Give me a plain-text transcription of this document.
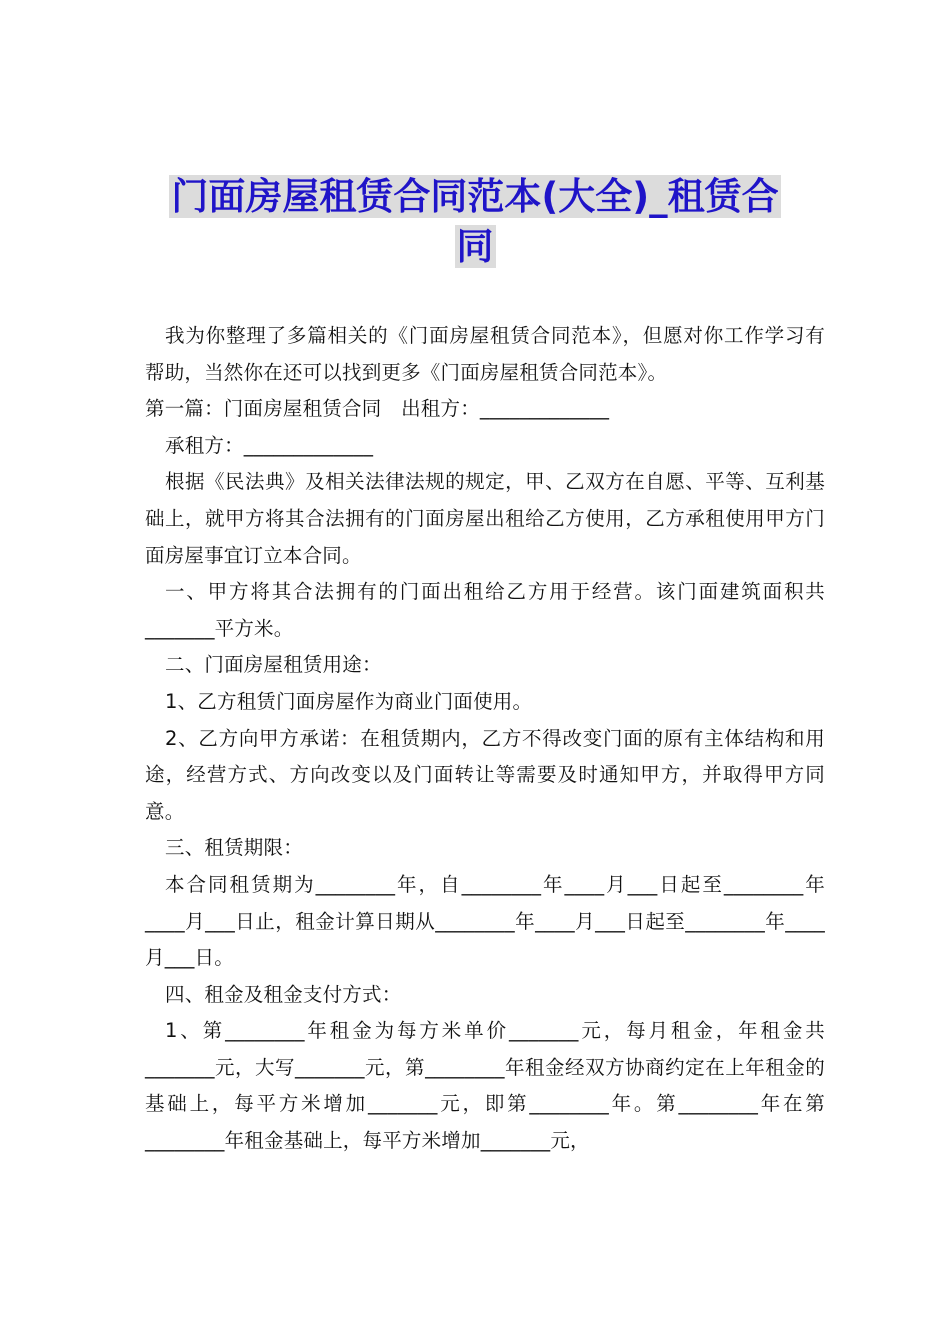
门面房屋租赁合同范本(大全)_租赁合
同

我为你整理了多篇相关的《门面房屋租赁合同范本》，但愿对你工作学习有帮助，当然你在还可以找到更多《门面房屋租赁合同范本》。

第一篇：门面房屋租赁合同　出租方：_____________

承租方：_____________

根据《民法典》及相关法律法规的规定，甲、乙双方在自愿、平等、互利基础上，就甲方将其合法拥有的门面房屋出租给乙方使用，乙方承租使用甲方门面房屋事宜订立本合同。

一、甲方将其合法拥有的门面出租给乙方用于经营。该门面建筑面积共_______平方米。

二、门面房屋租赁用途：

1、乙方租赁门面房屋作为商业门面使用。

2、乙方向甲方承诺：在租赁期内，乙方不得改变门面的原有主体结构和用途，经营方式、方向改变以及门面转让等需要及时通知甲方，并取得甲方同意。

三、租赁期限：

本合同租赁期为________年，自________年____月___日起至________年____月___日止，租金计算日期从________年____月___日起至________年____月___日。

四、租金及租金支付方式：

1、第________年租金为每方米单价_______元，每月租金，年租金共_______元，大写_______元，第________年租金经双方协商约定在上年租金的基础上，每平方米增加_______元，即第________年。第________年在第________年租金基础上，每平方米增加_______元，
